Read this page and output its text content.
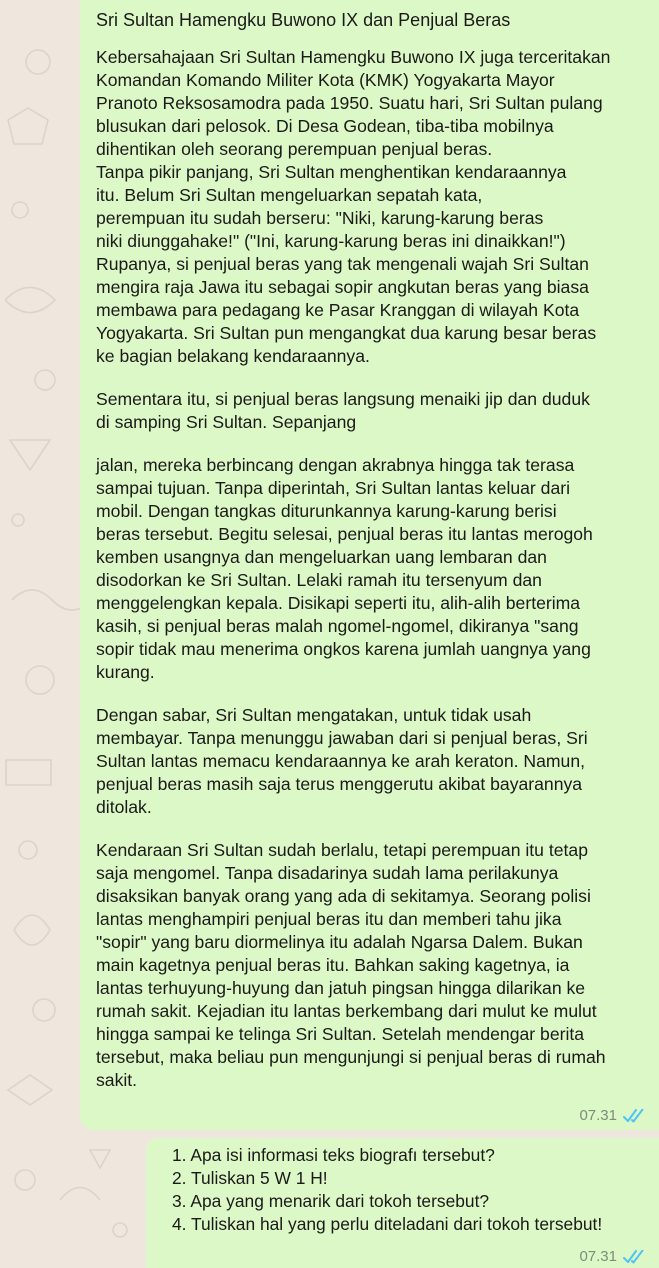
Sri Sultan Hamengku Buwono IX dan Penjual Beras

Kebersahajaan Sri Sultan Hamengku Buwono IX juga terceritakan
Komandan Komando Militer Kota (KMK) Yogyakarta Mayor
Pranoto Reksosamodra pada 1950. Suatu hari, Sri Sultan pulang
blusukan dari pelosok. Di Desa Godean, tiba-tiba mobilnya
dihentikan oleh seorang perempuan penjual beras.
Tanpa pikir panjang, Sri Sultan menghentikan kendaraannya
itu. Belum Sri Sultan mengeluarkan sepatah kata,
perempuan itu sudah berseru: "Niki, karung-karung beras
niki diunggahake!" ("Ini, karung-karung beras ini dinaikkan!")
Rupanya, si penjual beras yang tak mengenali wajah Sri Sultan
mengira raja Jawa itu sebagai sopir angkutan beras yang biasa
membawa para pedagang ke Pasar Kranggan di wilayah Kota
Yogyakarta. Sri Sultan pun mengangkat dua karung besar beras
ke bagian belakang kendaraannya.

Sementara itu, si penjual beras langsung menaiki jip dan duduk
di samping Sri Sultan. Sepanjang

jalan, mereka berbincang dengan akrabnya hingga tak terasa
sampai tujuan. Tanpa diperintah, Sri Sultan lantas keluar dari
mobil. Dengan tangkas diturunkannya karung-karung berisi
beras tersebut. Begitu selesai, penjual beras itu lantas merogoh
kemben usangnya dan mengeluarkan uang lembaran dan
disodorkan ke Sri Sultan. Lelaki ramah itu tersenyum dan
menggelengkan kepala. Disikapi seperti itu, alih-alih berterima
kasih, si penjual beras malah ngomel-ngomel, dikiranya "sang
sopir tidak mau menerima ongkos karena jumlah uangnya yang
kurang.

Dengan sabar, Sri Sultan mengatakan, untuk tidak usah
membayar. Tanpa menunggu jawaban dari si penjual beras, Sri
Sultan lantas memacu kendaraannya ke arah keraton. Namun,
penjual beras masih saja terus menggerutu akibat bayarannya
ditolak.

Kendaraan Sri Sultan sudah berlalu, tetapi perempuan itu tetap
saja mengomel. Tanpa disadarinya sudah lama perilakunya
disaksikan banyak orang yang ada di sekitamya. Seorang polisi
lantas menghampiri penjual beras itu dan memberi tahu jika
"sopir" yang baru diormelinya itu adalah Ngarsa Dalem. Bukan
main kagetnya penjual beras itu. Bahkan saking kagetnya, ia
lantas terhuyung-huyung dan jatuh pingsan hingga dilarikan ke
rumah sakit. Kejadian itu lantas berkembang dari mulut ke mulut
hingga sampai ke telinga Sri Sultan. Setelah mendengar berita
tersebut, maka beliau pun mengunjungi si penjual beras di rumah
sakit.

07.31
1. Apa isi informasi teks biografı tersebut?
2. Tuliskan 5 W 1 H!
3. Apa yang menarik dari tokoh tersebut?
4. Tuliskan hal yang perlu diteladani dari tokoh tersebut!
07.31
